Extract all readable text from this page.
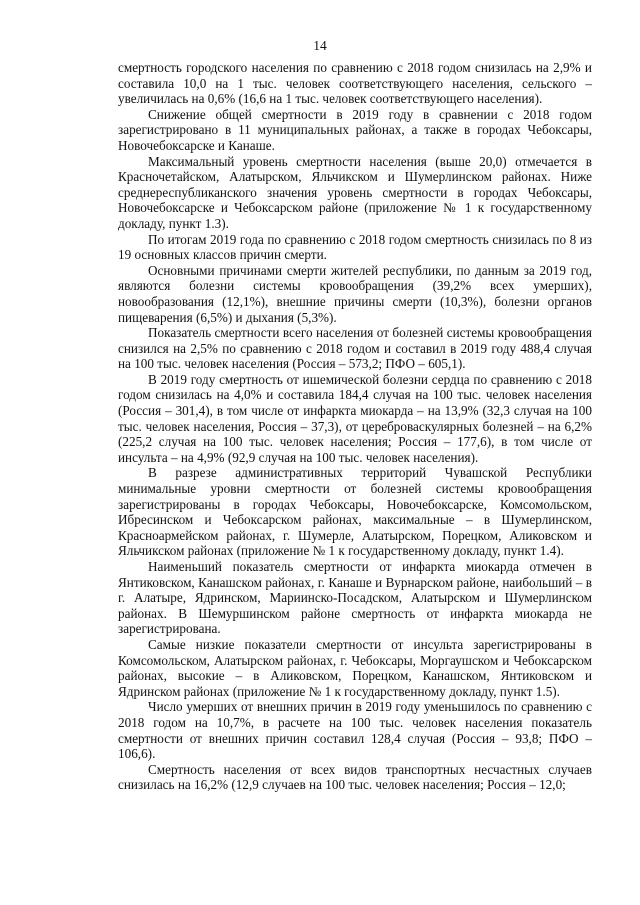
14

смертность городского населения по сравнению с 2018 годом снизилась на 2,9% и составила 10,0 на 1 тыс. человек соответствующего населения, сельского – увеличилась на 0,6% (16,6 на 1 тыс. человек соответствующего населения).

Снижение общей смертности в 2019 году в сравнении с 2018 годом зарегистрировано в 11 муниципальных районах, а также в городах Чебоксары, Новочебоксарске и Канаше.

Максимальный уровень смертности населения (выше 20,0) отмечается в Красночетайском, Алатырском, Яльчикском и Шумерлинском районах. Ниже среднереспубликанского значения уровень смертности в городах Чебоксары, Новочебоксарске и Чебоксарском районе (приложение № 1 к государственному докладу, пункт 1.3).

По итогам 2019 года по сравнению с 2018 годом смертность снизилась по 8 из 19 основных классов причин смерти.

Основными причинами смерти жителей республики, по данным за 2019 год, являются болезни системы кровообращения (39,2% всех умерших), новообразования (12,1%), внешние причины смерти (10,3%), болезни органов пищеварения (6,5%) и дыхания (5,3%).

Показатель смертности всего населения от болезней системы кровообращения снизился на 2,5% по сравнению с 2018 годом и составил в 2019 году 488,4 случая на 100 тыс. человек населения (Россия – 573,2; ПФО – 605,1).

В 2019 году смертность от ишемической болезни сердца по сравнению с 2018 годом снизилась на 4,0% и составила 184,4 случая на 100 тыс. человек населения (Россия – 301,4), в том числе от инфаркта миокарда – на 13,9% (32,3 случая на 100 тыс. человек населения, Россия – 37,3), от цереброваскулярных болезней – на 6,2% (225,2 случая на 100 тыс. человек населения; Россия – 177,6), в том числе от инсульта – на 4,9% (92,9 случая на 100 тыс. человек населения).

В разрезе административных территорий Чувашской Республики минимальные уровни смертности от болезней системы кровообращения зарегистрированы в городах Чебоксары, Новочебоксарске, Комсомольском, Ибресинском и Чебоксарском районах, максимальные – в Шумерлинском, Красноармейском районах, г. Шумерле, Алатырском, Порецком, Аликовском и Яльчикском районах (приложение № 1 к государственному докладу, пункт 1.4).

Наименьший показатель смертности от инфаркта миокарда отмечен в Янтиковском, Канашском районах, г. Канаше и Вурнарском районе, наибольший – в г. Алатыре, Ядринском, Мариинско-Посадском, Алатырском и Шумерлинском районах. В Шемуршинском районе смертность от инфаркта миокарда не зарегистрирована.

Самые низкие показатели смертности от инсульта зарегистрированы в Комсомольском, Алатырском районах, г. Чебоксары, Моргаушском и Чебоксарском районах, высокие – в Аликовском, Порецком, Канашском, Янтиковском и Ядринском районах (приложение № 1 к государственному докладу, пункт 1.5).

Число умерших от внешних причин в 2019 году уменьшилось по сравнению с 2018 годом на 10,7%, в расчете на 100 тыс. человек населения показатель смертности от внешних причин составил 128,4 случая (Россия – 93,8; ПФО – 106,6).

Смертность населения от всех видов транспортных несчастных случаев снизилась на 16,2% (12,9 случаев на 100 тыс. человек населения; Россия – 12,0;
